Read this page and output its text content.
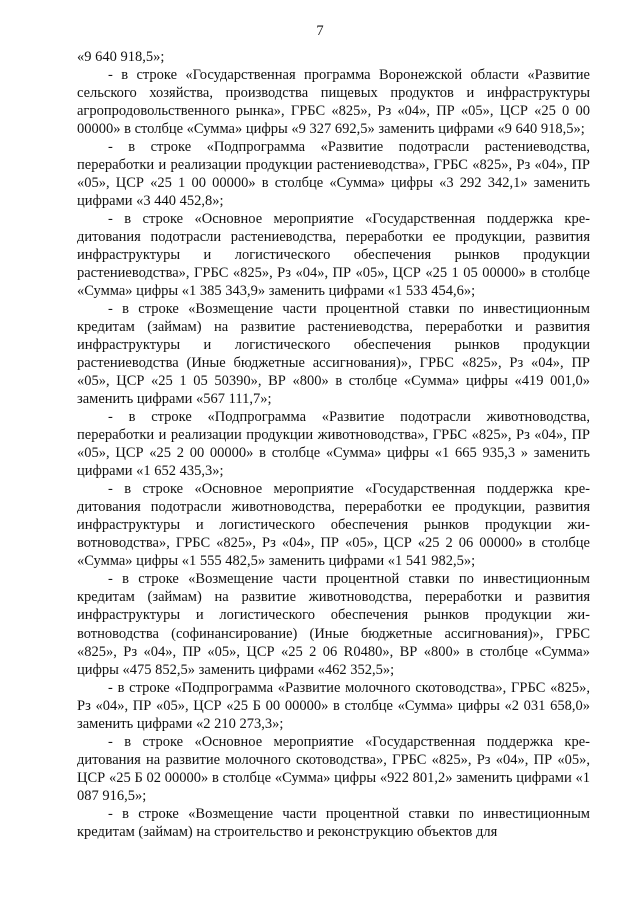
7

«9 640 918,5»;

- в строке «Государственная программа Воронежской области «Развитие сельского хозяйства, производства пищевых продуктов и инфраструктуры агропродовольственного рынка», ГРБС «825», Рз «04», ПР «05», ЦСР «25 0 00 00000» в столбце «Сумма» цифры «9 327 692,5» заменить цифрами «9 640 918,5»;

- в строке «Подпрограмма «Развитие подотрасли растениеводства, переработки и реализации продукции растениеводства», ГРБС «825», Рз «04», ПР «05», ЦСР «25 1 00 00000» в столбце «Сумма» цифры «3 292 342,1» заменить цифрами «3 440 452,8»;

- в строке «Основное мероприятие «Государственная поддержка кредитования подотрасли растениеводства, переработки ее продукции, развития инфраструктуры и логистического обеспечения рынков продукции растениеводства», ГРБС «825», Рз «04», ПР «05», ЦСР «25 1 05 00000» в столбце «Сумма» цифры «1 385 343,9» заменить цифрами «1 533 454,6»;

- в строке «Возмещение части процентной ставки по инвестиционным кредитам (займам) на развитие растениеводства, переработки и развития инфраструктуры и логистического обеспечения рынков продукции растениеводства (Иные бюджетные ассигнования)», ГРБС «825», Рз «04», ПР «05», ЦСР «25 1 05 50390», ВР «800» в столбце «Сумма» цифры «419 001,0» заменить цифрами «567 111,7»;

- в строке «Подпрограмма «Развитие подотрасли животноводства, переработки и реализации продукции животноводства», ГРБС «825», Рз «04», ПР «05», ЦСР «25 2 00 00000» в столбце «Сумма» цифры «1 665 935,3 » заменить цифрами «1 652 435,3»;

- в строке «Основное мероприятие «Государственная поддержка кредитования подотрасли животноводства, переработки ее продукции, развития инфраструктуры и логистического обеспечения рынков продукции животноводства», ГРБС «825», Рз «04», ПР «05», ЦСР «25 2 06 00000» в столбце «Сумма» цифры «1 555 482,5» заменить цифрами «1 541 982,5»;

- в строке «Возмещение части процентной ставки по инвестиционным кредитам (займам) на развитие животноводства, переработки и развития инфраструктуры и логистического обеспечения рынков продукции животноводства (софинансирование) (Иные бюджетные ассигнования)», ГРБС «825», Рз «04», ПР «05», ЦСР «25 2 06 R0480», ВР «800» в столбце «Сумма» цифры «475 852,5» заменить цифрами «462 352,5»;

- в строке «Подпрограмма «Развитие молочного скотоводства», ГРБС «825», Рз «04», ПР «05», ЦСР «25 Б 00 00000» в столбце «Сумма» цифры «2 031 658,0» заменить цифрами «2 210 273,3»;

- в строке «Основное мероприятие «Государственная поддержка кредитования на развитие молочного скотоводства», ГРБС «825», Рз «04», ПР «05», ЦСР «25 Б 02 00000» в столбце «Сумма» цифры «922 801,2» заменить цифрами «1 087 916,5»;

- в строке «Возмещение части процентной ставки по инвестиционным кредитам (займам) на строительство и реконструкцию объектов для
